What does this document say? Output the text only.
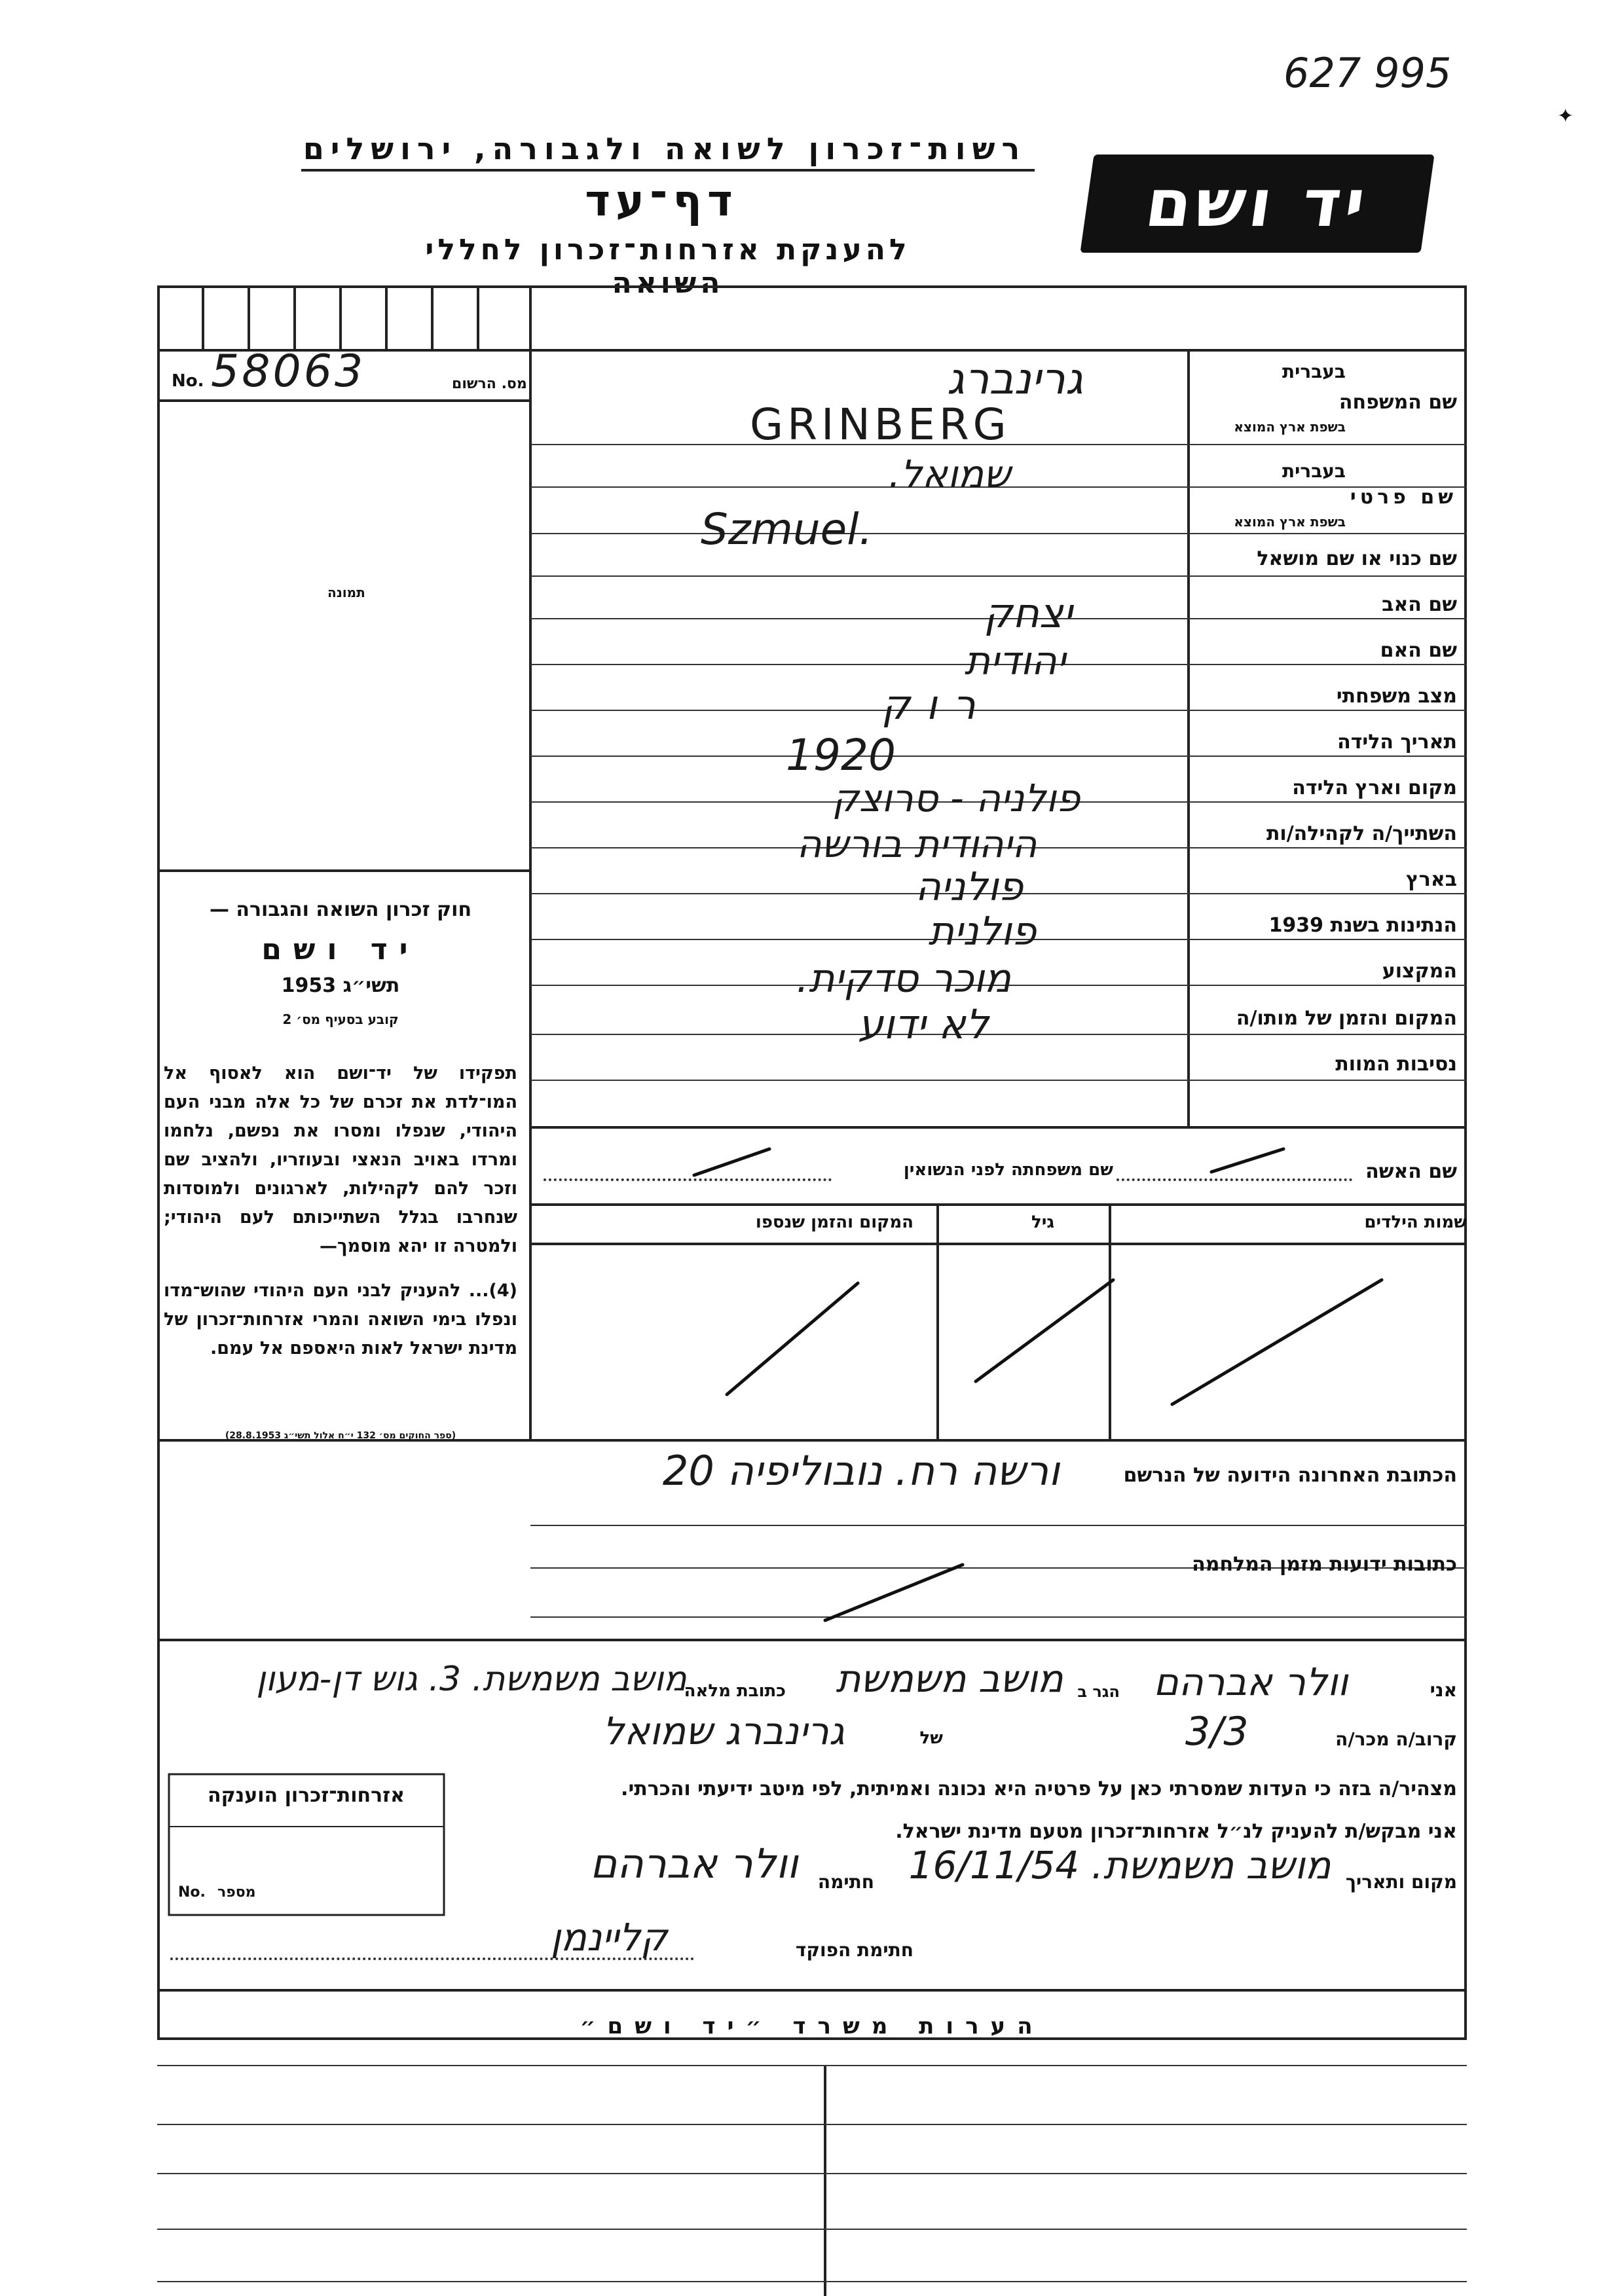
627 995
✦
רשות־זכרון לשואה ולגבורה, ירושלים
דף־עד
להענקת אזרחות־זכרון לחללי השואה
יד ושם
No. 58063	מס. הרשום
תמונה
חוק זכרון השואה והגבורה —
יד ושם
תשי״ג 1953
קובע בסעיף מס׳ 2
תפקידו של יד־ושם הוא לאסוף אל המו־לדת את זכרם של כל אלה מבני העם היהודי, שנפלו ומסרו את נפשם, נלחמו ומרדו באויב הנאצי ובעוזריו, ולהציב שם וזכר להם לקהילות, לארגונים ולמוסדות שנחרבו בגלל השתייכותם לעם היהודי; ולמטרה זו יהא מוסמך—
(4)... להעניק לבני העם היהודי שהוש־מדו ונפלו בימי השואה והמרי אזרחות־זכרון של מדינת ישראל לאות היאספם אל עמם.
(ספר החוקים מס׳ 132 י״ח אלול תשי״ג 28.8.1953)
בעברית
שם המשפחה
בשפת ארץ המוצא
בעברית
שם פרטי
בשפת ארץ המוצא
שם כנוי או שם מושאל
שם האב
שם האם
מצב משפחתי
תאריך הלידה
מקום וארץ הלידה
השתייך/ה לקהילה/ות
בארץ
הנתינות בשנת 1939
המקצוע
המקום והזמן של מותו/ה
נסיבות המוות
גרינברג
GRINBERG
שמואל.
Szmuel.
יצחק
יהודית
רוק
1920
פולניה - סרוצק
היהודית בורשה
פולניה
פולנית
מוכר סדקית.
לא ידוע
שם האשה
שם משפחתה לפני הנשואין
שמות הילדים
גיל
המקום והזמן שנספו
הכתובת האחרונה הידועה של הנרשם
ורשה רח. נובוליפיה 20
כתובות ידועות מזמן המלחמה
אני
וולר אברהם
הגר ב
מושב משמשת
כתובת מלאה
מושב משמשת. 3. גוש דן-מעון
קרוב/ה מכר/ה
3/3
של
גרינברג שמואל
מצהיר/ה בזה כי העדות שמסרתי כאן על פרטיה היא נכונה ואמיתית, לפי מיטב ידיעתי והכרתי.
אני מבקש/ת להעניק לנ״ל אזרחות־זכרון מטעם מדינת ישראל.
מקום ותאריך
מושב משמשת. 16/11/54
חתימה
וולר אברהם
חתימת הפוקד
קליינמן
אזרחות־זכרון הוענקה
No. מספר
הערות משרד ״יד ושם״
